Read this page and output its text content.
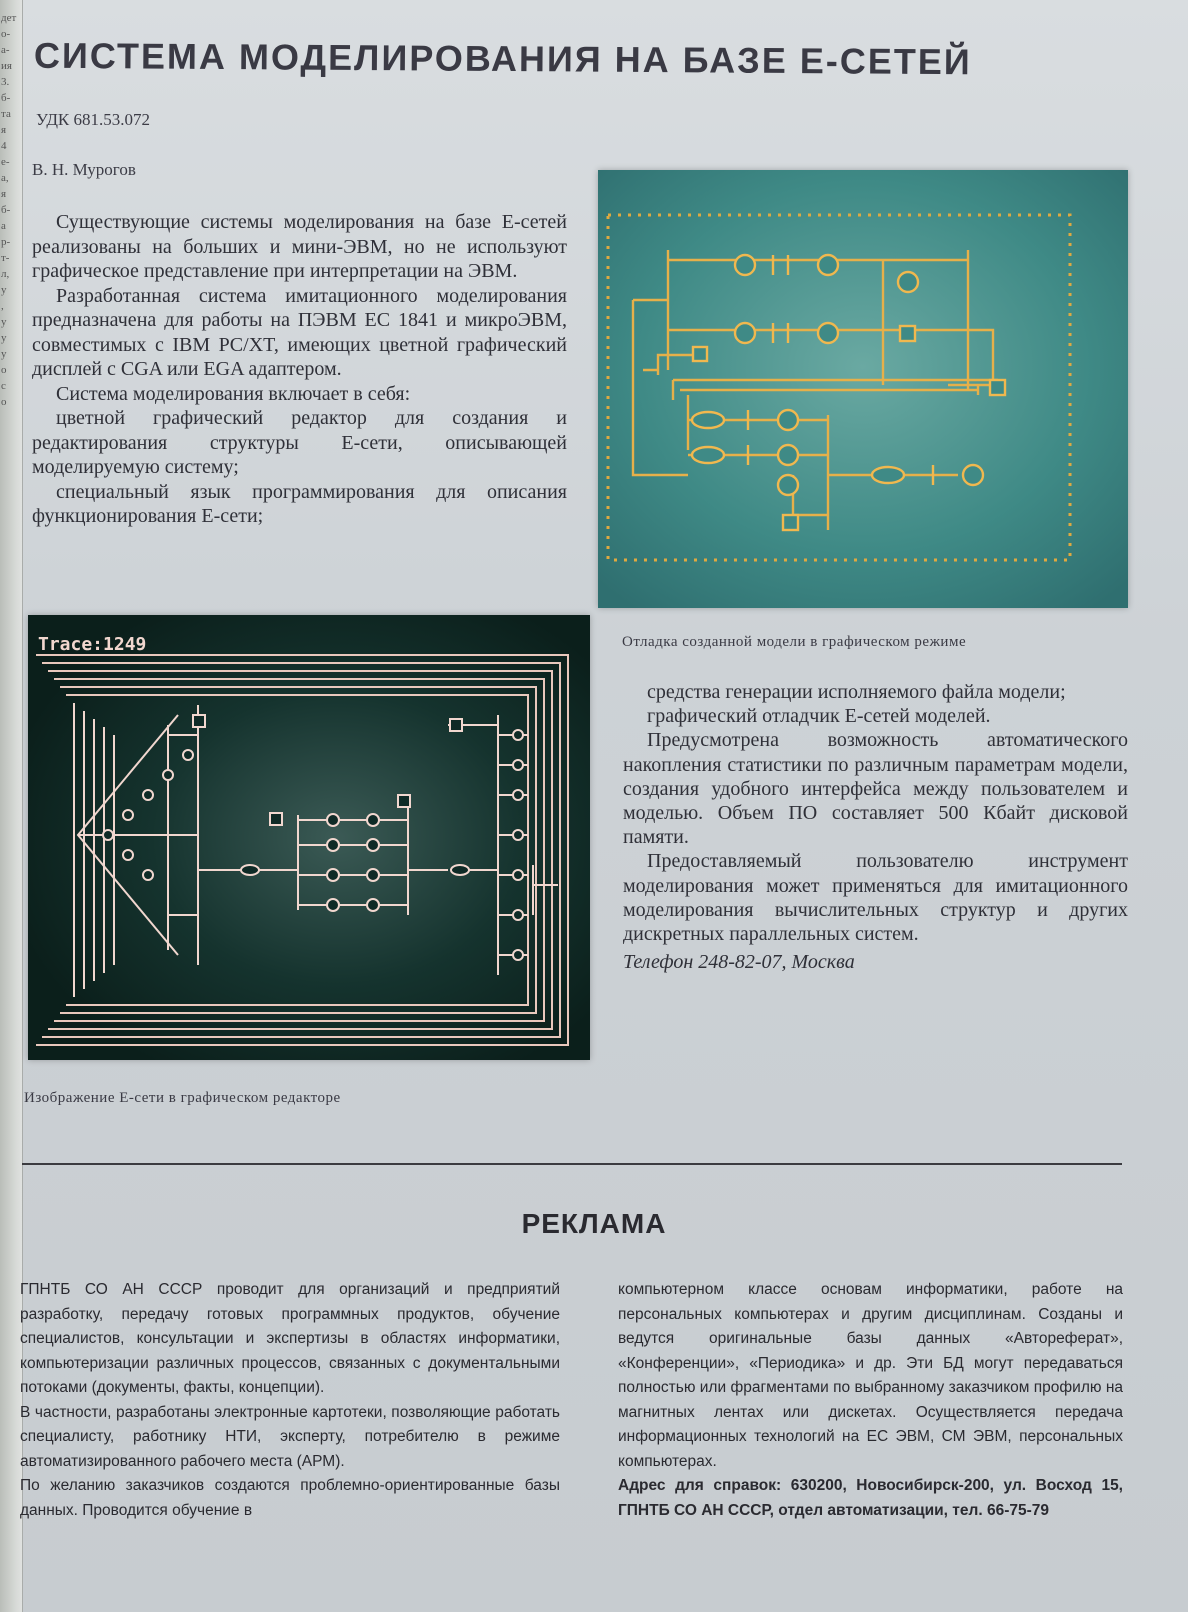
дет
о-
а-
ия
3.
б-
та
я
4
е-
а,
я
б-
а
р-
т-
л,
у
,
у
у
у
о
с
о
СИСТЕМА МОДЕЛИРОВАНИЯ НА БАЗЕ Е-СЕТЕЙ
УДК 681.53.072
В. Н. Мурогов

Существующие системы моделирования на базе Е-сетей реализованы на больших и мини-ЭВМ, но не используют графическое представление при интерпретации на ЭВМ.

Разработанная система имитационного моделирования предназначена для работы на ПЭВМ ЕС 1841 и микроЭВМ, совместимых с IBM PC/XT, имеющих цветной графический дисплей с CGA или EGA адаптером.

Система моделирования включает в себя:

цветной графический редактор для создания и редактирования структуры Е-сети, описывающей моделируемую систему;

специальный язык программирования для описания функционирования Е-сети;

Отладка созданной модели в графическом режиме
Trace:1249
Изображение Е-сети в графическом редакторе

средства генерации исполняемого файла модели;

графический отладчик Е-сетей моделей.

Предусмотрена возможность автоматического накопления статистики по различным параметрам модели, создания удобного интерфейса между пользователем и моделью. Объем ПО составляет 500 Кбайт дисковой памяти.

Предоставляемый пользователю инструмент моделирования может применяться для имитационного моделирования вычислительных структур и других дискретных параллельных систем.

Телефон 248-82-07, Москва

РЕКЛАМА

ГПНТБ СО АН СССР проводит для организаций и предприятий разработку, передачу готовых программных продуктов, обучение специалистов, консультации и экспертизы в областях информатики, компьютеризации различных процессов, связанных с документальными потоками (документы, факты, концепции).

В частности, разработаны электронные картотеки, позволяющие работать специалисту, работнику НТИ, эксперту, потребителю в режиме автоматизированного рабочего места (АРМ).

По желанию заказчиков создаются проблемно-ориентированные базы данных. Проводится обучение в

компьютерном классе основам информатики, работе на персональных компьютерах и другим дисциплинам. Созданы и ведутся оригинальные базы данных «Автореферат», «Конференции», «Периодика» и др. Эти БД могут передаваться полностью или фрагментами по выбранному заказчиком профилю на магнитных лентах или дискетах. Осуществляется передача информационных технологий на ЕС ЭВМ, СМ ЭВМ, персональных компьютерах.

Адрес для справок: 630200, Новосибирск-200, ул. Восход 15, ГПНТБ СО АН СССР, отдел автоматизации, тел. 66-75-79
